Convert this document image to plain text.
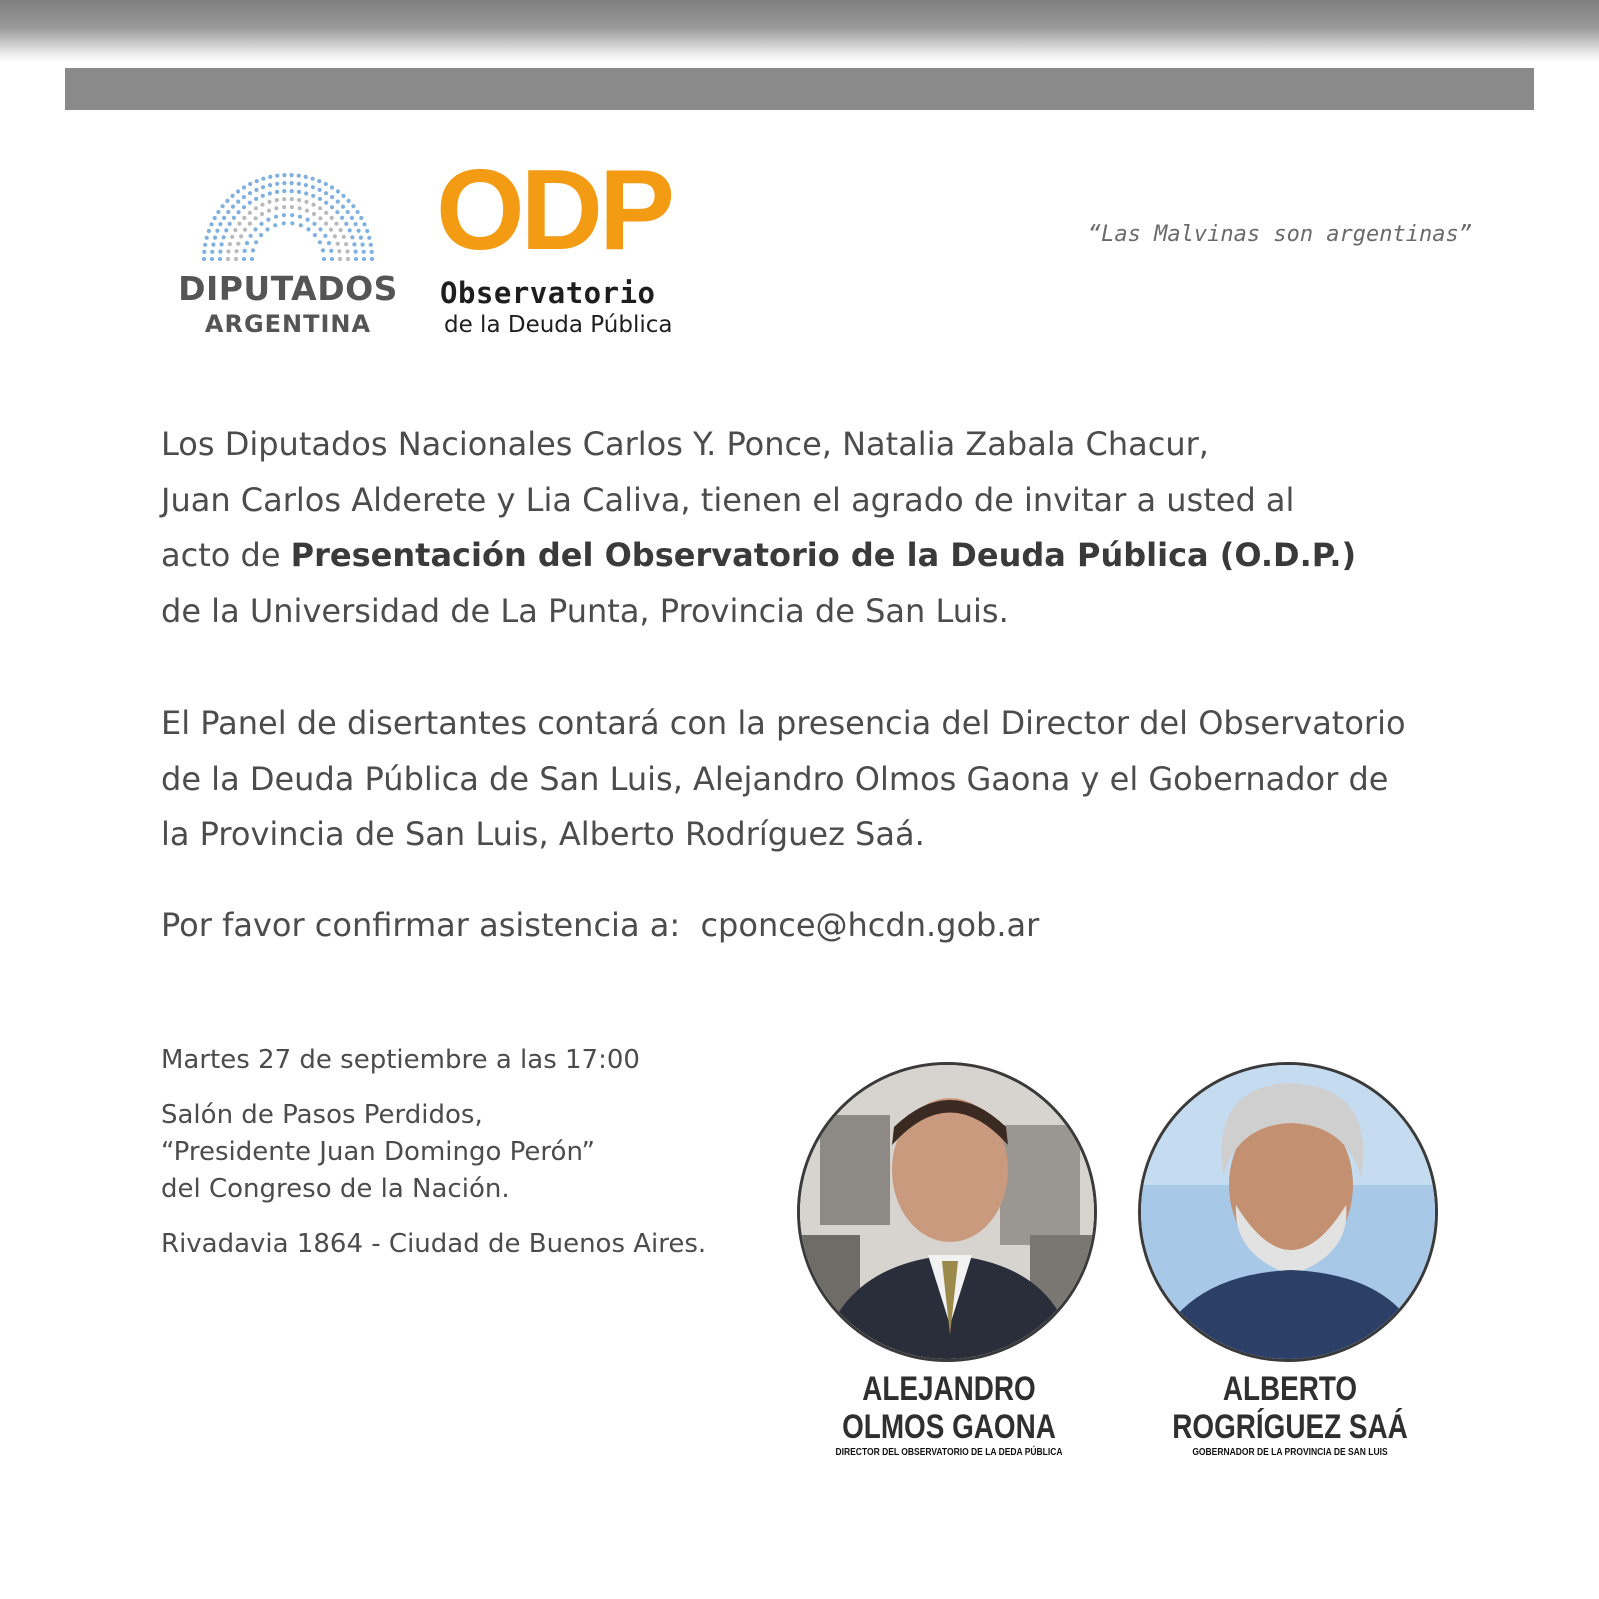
DIPUTADOS
ARGENTINA
ODP
Observatorio
de la Deuda Pública
“Las Malvinas son argentinas”

Los Diputados Nacionales Carlos Y. Ponce, Natalia Zabala Chacur,
Juan Carlos Alderete y Lia Caliva, tienen el agrado de invitar a usted al
acto de Presentación del Observatorio de la Deuda Pública (O.D.P.)
de la Universidad de La Punta, Provincia de San Luis.

El Panel de disertantes contará con la presencia del Director del Observatorio
de la Deuda Pública de San Luis, Alejandro Olmos Gaona y el Gobernador de
la Provincia de San Luis, Alberto Rodríguez Saá.

Por favor confirmar asistencia a: cponce@hcdn.gob.ar

Martes 27 de septiembre a las 17:00

Salón de Pasos Perdidos,

“Presidente Juan Domingo Perón”

del Congreso de la Nación.

Rivadavia 1864 - Ciudad de Buenos Aires.

ALEJANDRO
OLMOS GAONA
DIRECTOR DEL OBSERVATORIO DE LA DEDA PÚBLICA
ALBERTO
ROGRÍGUEZ SAÁ
GOBERNADOR DE LA PROVINCIA DE SAN LUIS
